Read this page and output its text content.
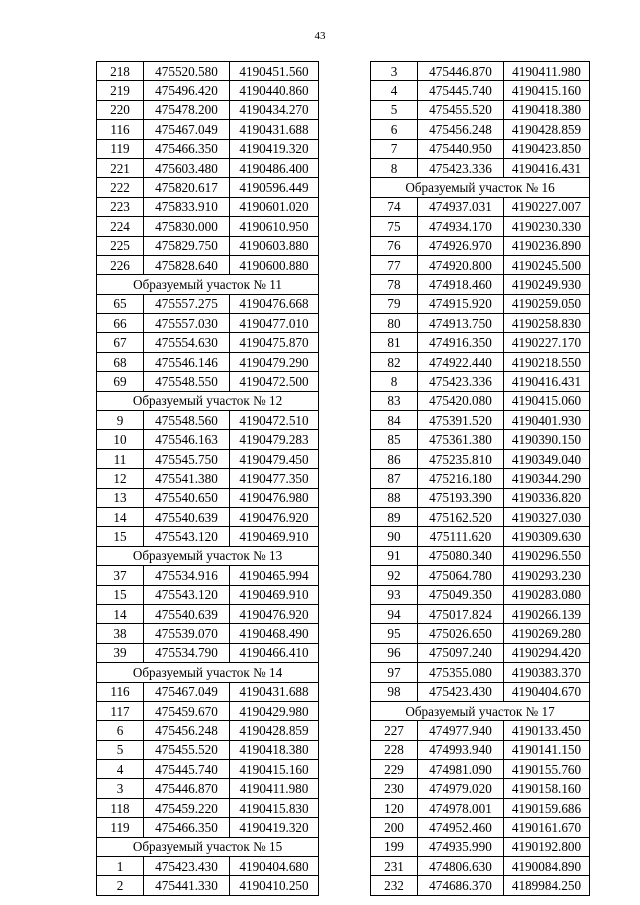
43
218	475520.580	4190451.560
219	475496.420	4190440.860
220	475478.200	4190434.270
116	475467.049	4190431.688
119	475466.350	4190419.320
221	475603.480	4190486.400
222	475820.617	4190596.449
223	475833.910	4190601.020
224	475830.000	4190610.950
225	475829.750	4190603.880
226	475828.640	4190600.880
Образуемый участок № 11		
65	475557.275	4190476.668
66	475557.030	4190477.010
67	475554.630	4190475.870
68	475546.146	4190479.290
69	475548.550	4190472.500
Образуемый участок № 12		
9	475548.560	4190472.510
10	475546.163	4190479.283
11	475545.750	4190479.450
12	475541.380	4190477.350
13	475540.650	4190476.980
14	475540.639	4190476.920
15	475543.120	4190469.910
Образуемый участок № 13		
37	475534.916	4190465.994
15	475543.120	4190469.910
14	475540.639	4190476.920
38	475539.070	4190468.490
39	475534.790	4190466.410
Образуемый участок № 14		
116	475467.049	4190431.688
117	475459.670	4190429.980
6	475456.248	4190428.859
5	475455.520	4190418.380
4	475445.740	4190415.160
3	475446.870	4190411.980
118	475459.220	4190415.830
119	475466.350	4190419.320
Образуемый участок № 15		
1	475423.430	4190404.680
2	475441.330	4190410.250
3	475446.870	4190411.980
4	475445.740	4190415.160
5	475455.520	4190418.380
6	475456.248	4190428.859
7	475440.950	4190423.850
8	475423.336	4190416.431
Образуемый участок № 16		
74	474937.031	4190227.007
75	474934.170	4190230.330
76	474926.970	4190236.890
77	474920.800	4190245.500
78	474918.460	4190249.930
79	474915.920	4190259.050
80	474913.750	4190258.830
81	474916.350	4190227.170
82	474922.440	4190218.550
8	475423.336	4190416.431
83	475420.080	4190415.060
84	475391.520	4190401.930
85	475361.380	4190390.150
86	475235.810	4190349.040
87	475216.180	4190344.290
88	475193.390	4190336.820
89	475162.520	4190327.030
90	475111.620	4190309.630
91	475080.340	4190296.550
92	475064.780	4190293.230
93	475049.350	4190283.080
94	475017.824	4190266.139
95	475026.650	4190269.280
96	475097.240	4190294.420
97	475355.080	4190383.370
98	475423.430	4190404.670
Образуемый участок № 17		
227	474977.940	4190133.450
228	474993.940	4190141.150
229	474981.090	4190155.760
230	474979.020	4190158.160
120	474978.001	4190159.686
200	474952.460	4190161.670
199	474935.990	4190192.800
231	474806.630	4190084.890
232	474686.370	4189984.250
